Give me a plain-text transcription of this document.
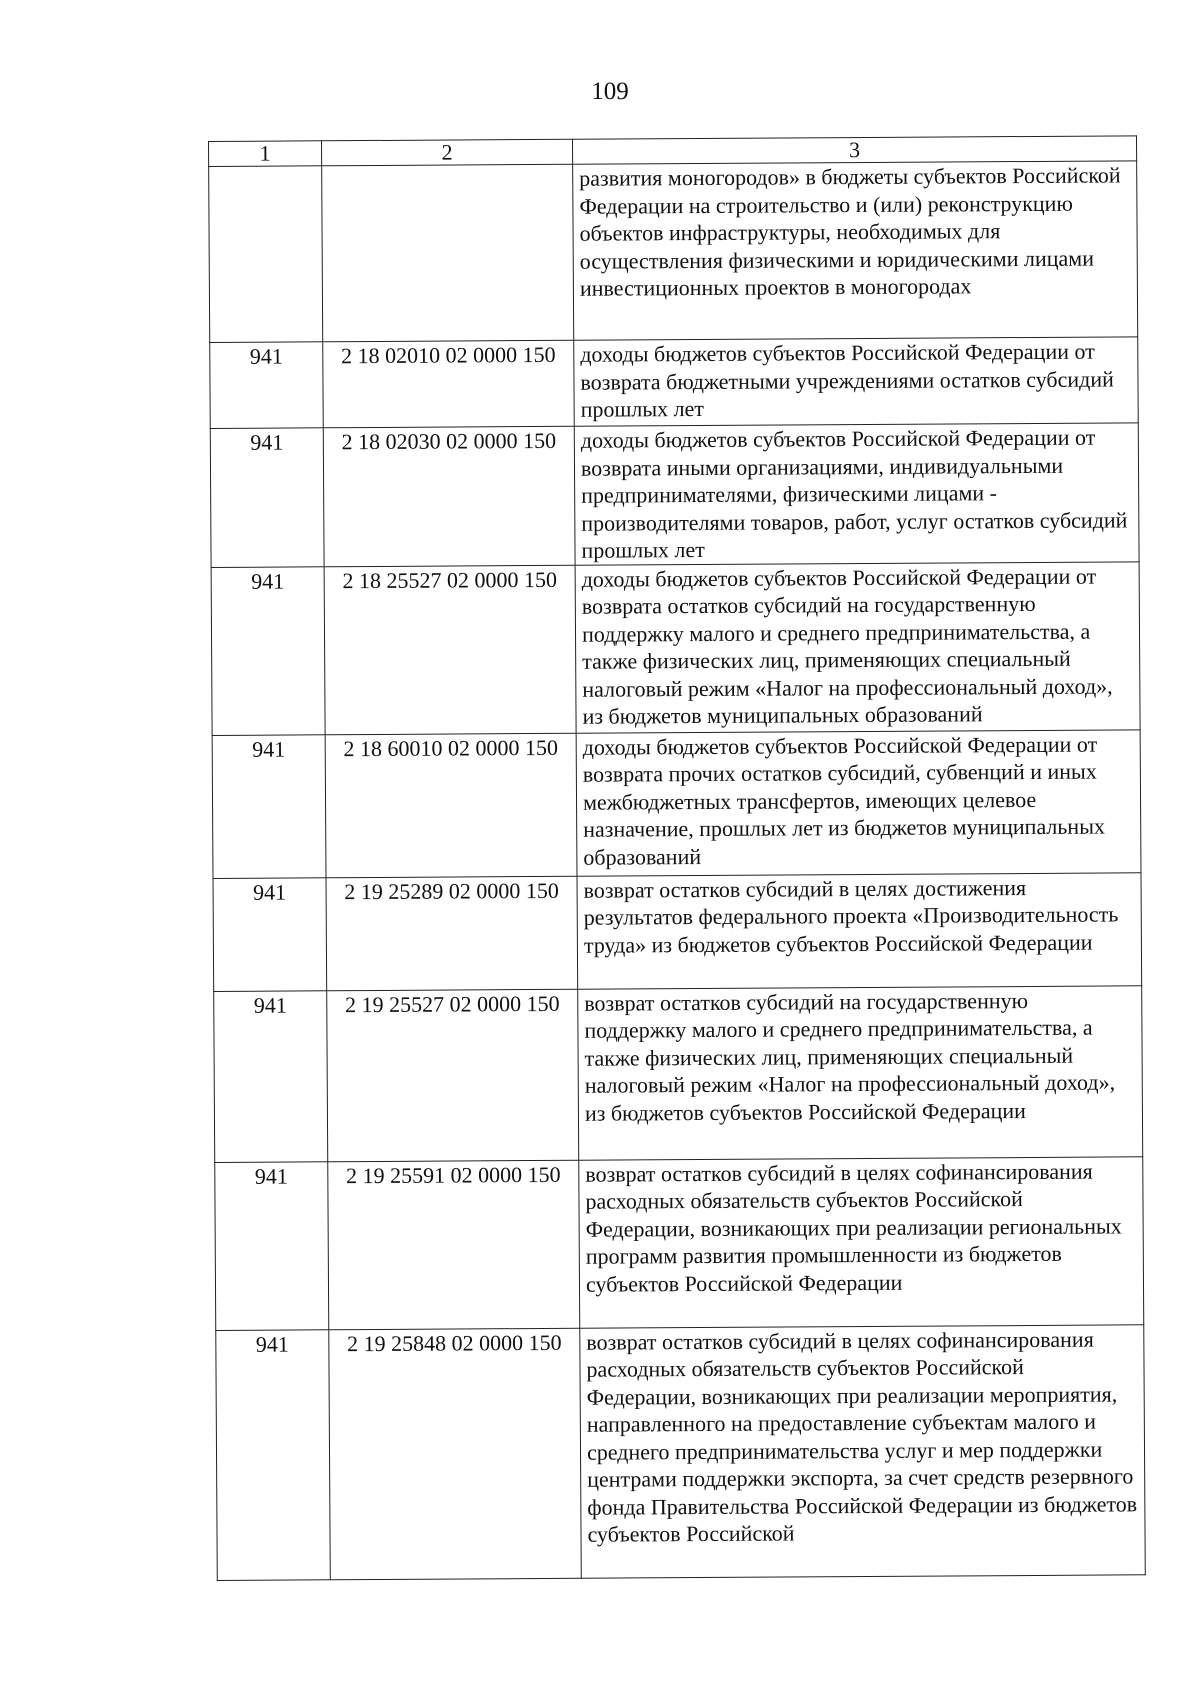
109
1	2	3
		развития моногородов» в бюджеты субъектов Российской Федерации на строительство и (или) реконструкцию объектов инфраструктуры, необходимых для осуществления физическими и юридическими лицами инвестиционных проектов в моногородах
941	2 18 02010 02 0000 150	доходы бюджетов субъектов Российской Федерации от возврата бюджетными учреждениями остатков субсидий прошлых лет
941	2 18 02030 02 0000 150	доходы бюджетов субъектов Российской Федерации от возврата иными организациями, индивидуальными предпринимателями, физическими лицами - производителями товаров, работ, услуг остатков субсидий прошлых лет
941	2 18 25527 02 0000 150	доходы бюджетов субъектов Российской Федерации от возврата остатков субсидий на государственную поддержку малого и среднего предпринимательства, а также физических лиц, применяющих специальный налоговый режим «Налог на профессиональный доход», из бюджетов муниципальных образований
941	2 18 60010 02 0000 150	доходы бюджетов субъектов Российской Федерации от возврата прочих остатков субсидий, субвенций и иных межбюджетных трансфертов, имеющих целевое назначение, прошлых лет из бюджетов муниципальных образований
941	2 19 25289 02 0000 150	возврат остатков субсидий в целях достижения результатов федерального проекта «Производительность труда» из бюджетов субъектов Российской Федерации
941	2 19 25527 02 0000 150	возврат остатков субсидий на государственную поддержку малого и среднего предпринимательства, а также физических лиц, применяющих специальный налоговый режим «Налог на профессиональный доход», из бюджетов субъектов Российской Федерации
941	2 19 25591 02 0000 150	возврат остатков субсидий в целях софинансирования расходных обязательств субъектов Российской Федерации, возникающих при реализации региональных программ развития промышленности из бюджетов субъектов Российской Федерации
941	2 19 25848 02 0000 150	возврат остатков субсидий в целях софинансирования расходных обязательств субъектов Российской Федерации, возникающих при реализации мероприятия, направленного на предоставление субъектам малого и среднего предпринимательства услуг и мер поддержки центрами поддержки экспорта, за счет средств резервного фонда Правительства Российской Федерации из бюджетов субъектов Российской
